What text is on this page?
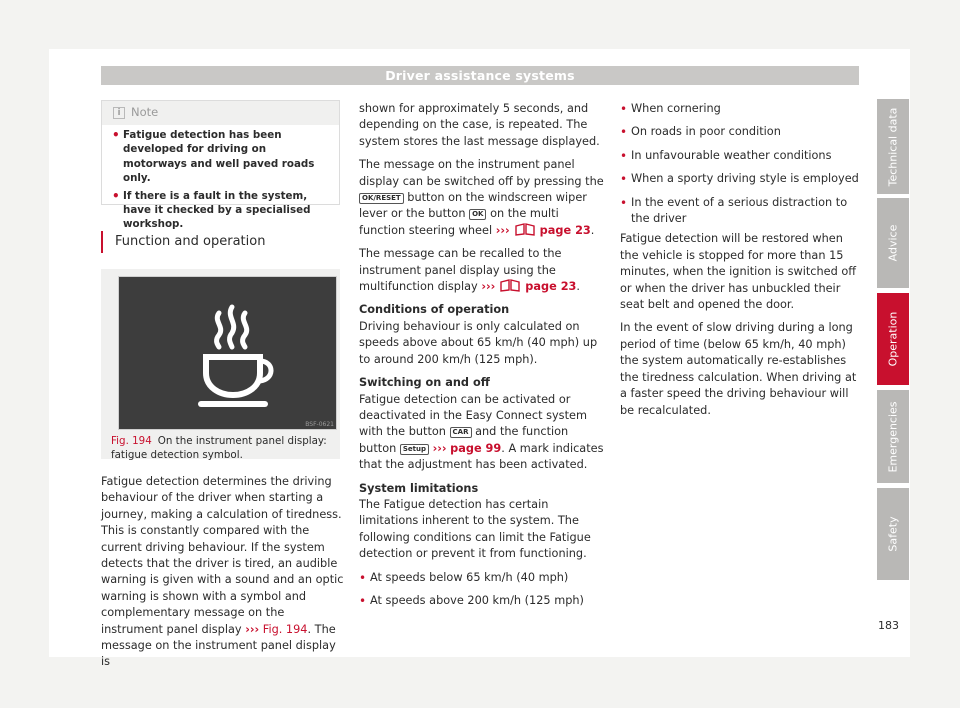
Driver assistance systems
i Note

• Fatigue detection has been developed for driving on motorways and well paved roads only.

• If there is a fault in the system, have it checked by a specialised workshop.

Function and operation
BSF-0621
Fig. 194 On the instrument panel display: fatigue detection symbol.

Fatigue detection determines the driving behaviour of the driver when starting a journey, making a calculation of tiredness. This is constantly compared with the current driving behaviour. If the system detects that the driver is tired, an audible warning is given with a sound and an optic warning is shown with a symbol and complementary message on the instrument panel display ››› Fig. 194. The message on the instrument panel display is

shown for approximately 5 seconds, and depending on the case, is repeated. The system stores the last message displayed.

The message on the instrument panel display can be switched off by pressing the OK/RESET button on the windscreen wiper lever or the button OK on the multi function steering wheel ›››	page 23.

The message can be recalled to the instrument panel display using the multifunction display ›››	page 23.

Conditions of operation

Driving behaviour is only calculated on speeds above about 65 km/h (40 mph) up to around 200 km/h (125 mph).

Switching on and off

Fatigue detection can be activated or deactivated in the Easy Connect system with the button CAR and the function button Setup ››› page 99. A mark indicates that the adjustment has been activated.

System limitations

The Fatigue detection has certain limitations inherent to the system. The following conditions can limit the Fatigue detection or prevent it from functioning.

• At speeds below 65 km/h (40 mph)

• At speeds above 200 km/h (125 mph)

• When cornering

• On roads in poor condition

• In unfavourable weather conditions

• When a sporty driving style is employed

• In the event of a serious distraction to the driver

Fatigue detection will be restored when the vehicle is stopped for more than 15 minutes, when the ignition is switched off or when the driver has unbuckled their seat belt and opened the door.

In the event of slow driving during a long period of time (below 65 km/h, 40 mph) the system automatically re-establishes the tiredness calculation. When driving at a faster speed the driving behaviour will be recalculated.

Technical data
Advice
Operation
Emergencies
Safety
183
